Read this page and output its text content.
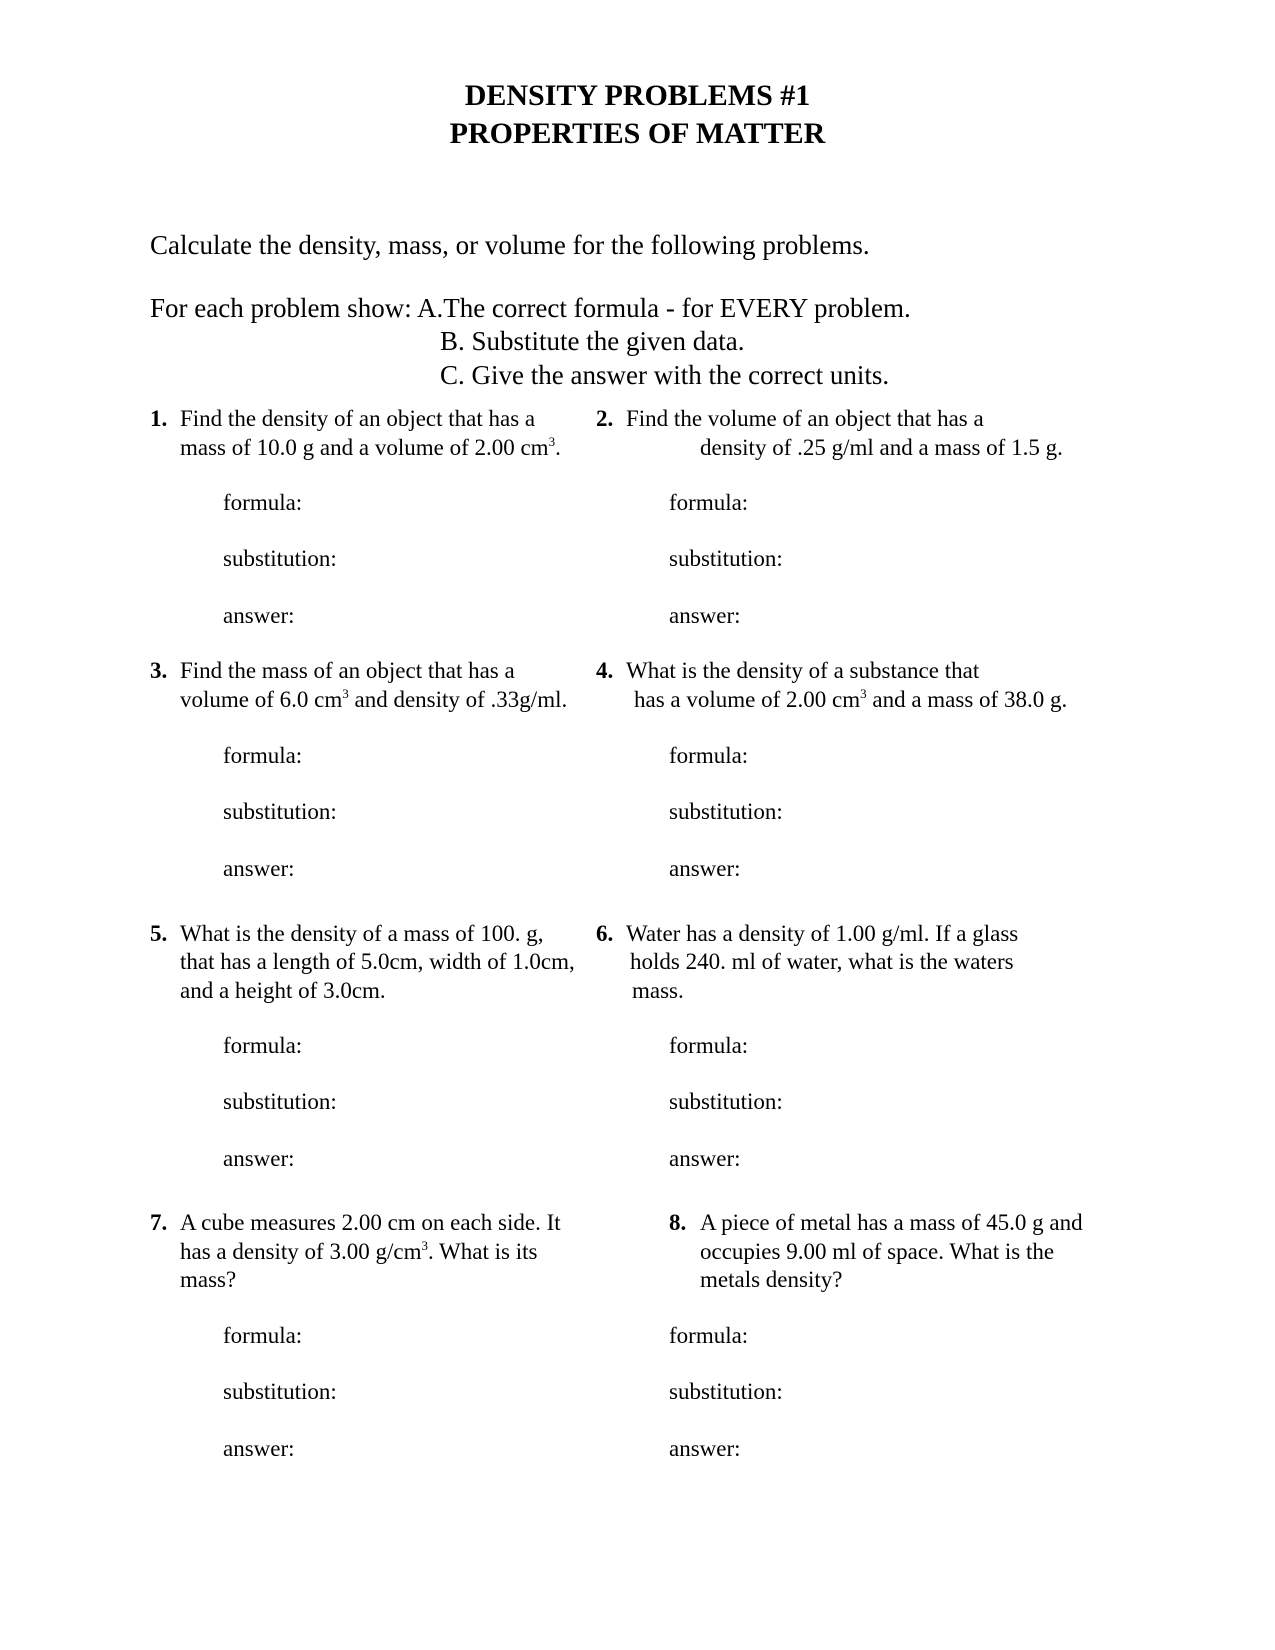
DENSITY PROBLEMS #1
PROPERTIES OF MATTER
Calculate the density, mass, or volume for the following problems.
For each problem show: A.The correct formula - for EVERY problem.
B. Substitute the given data.
C. Give the answer with the correct units.
1. Find the density of an object that has a
mass of 10.0 g and a volume of 2.00 $cm^3$.
2. Find the volume of an object that has a
density of .25 g/ml and a mass of 1.5 g.
formula:
substitution:
answer:
formula:
substitution:
answer:
3. Find the mass of an object that has a
volume of 6.0 $cm^3$ and density of .33g/ml.
4. What is the density of a substance that
has a volume of 2.00 $cm^3$ and a mass of 38.0 g.
formula:
substitution:
answer:
formula:
substitution:
answer:
5. What is the density of a mass of 100. g,
that has a length of 5.0cm, width of 1.0cm,
and a height of 3.0cm.
6. Water has a density of 1.00 g/ml. If a glass
holds 240. ml of water, what is the waters
mass.
formula:
substitution:
answer:
formula:
substitution:
answer:
7. A cube measures 2.00 cm on each side. It
has a density of 3.00 $g/cm^3$. What is its
mass?
8. A piece of metal has a mass of 45.0 g and
occupies 9.00 ml of space. What is the
metals density?
formula:
substitution:
answer:
formula:
substitution:
answer:
